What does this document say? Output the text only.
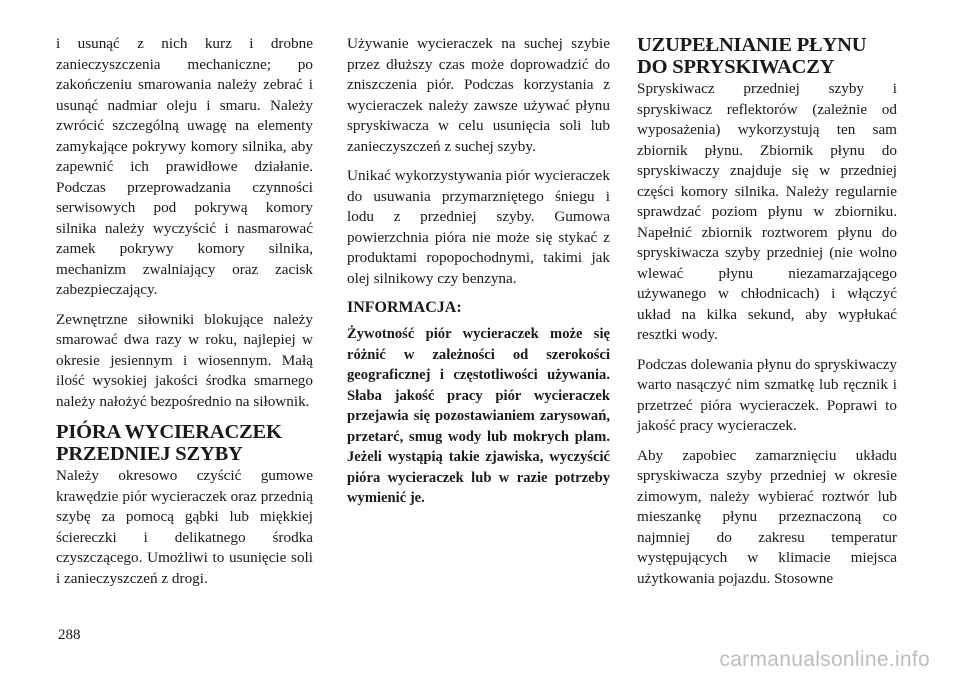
i usunąć z nich kurz i drobne zanieczyszczenia mechaniczne; po zakończeniu smarowania należy zebrać i usunąć nadmiar oleju i smaru. Należy zwrócić szczególną uwagę na elementy zamykające pokrywy komory silnika, aby zapewnić ich prawidłowe działanie. Podczas przeprowadzania czynności serwisowych pod pokrywą komory silnika należy wyczyścić i nasmarować zamek pokrywy komory silnika, mechanizm zwalniający oraz zacisk zabezpieczający.

Zewnętrzne siłowniki blokujące należy smarować dwa razy w roku, najlepiej w okresie jesiennym i wiosennym. Małą ilość wysokiej jakości środka smarnego należy nałożyć bezpośrednio na siłownik.

PIÓRA WYCIERACZEK
PRZEDNIEJ SZYBY

Należy okresowo czyścić gumowe krawędzie piór wycieraczek oraz przednią szybę za pomocą gąbki lub miękkiej ściereczki i delikatnego środka czyszczącego. Umożliwi to usunięcie soli i zanieczyszczeń z drogi.

Używanie wycieraczek na suchej szybie przez dłuższy czas może doprowadzić do zniszczenia piór. Podczas korzystania z wycieraczek należy zawsze używać płynu spryskiwacza w celu usunięcia soli lub zanieczyszczeń z suchej szyby.

Unikać wykorzystywania piór wycieraczek do usuwania przymarzniętego śniegu i lodu z przedniej szyby. Gumowa powierzchnia pióra nie może się stykać z produktami ropopochodnymi, takimi jak olej silnikowy czy benzyna.

INFORMACJA:

Żywotność piór wycieraczek może się różnić w zależności od szerokości geograficznej i częstotliwości używania. Słaba jakość pracy piór wycieraczek przejawia się pozostawianiem zarysowań, przetarć, smug wody lub mokrych plam. Jeżeli wystąpią takie zjawiska, wyczyścić pióra wycieraczek lub w razie potrzeby wymienić je.

UZUPEŁNIANIE PŁYNU
DO SPRYSKIWACZY

Spryskiwacz przedniej szyby i spryskiwacz reflektorów (zależnie od wyposażenia) wykorzystują ten sam zbiornik płynu. Zbiornik płynu do spryskiwaczy znajduje się w przedniej części komory silnika. Należy regularnie sprawdzać poziom płynu w zbiorniku. Napełnić zbiornik roztworem płynu do spryskiwacza szyby przedniej (nie wolno wlewać płynu niezamarzającego używanego w chłodnicach) i włączyć układ na kilka sekund, aby wypłukać resztki wody.

Podczas dolewania płynu do spryskiwaczy warto nasączyć nim szmatkę lub ręcznik i przetrzeć pióra wycieraczek. Poprawi to jakość pracy wycieraczek.

Aby zapobiec zamarznięciu układu spryskiwacza szyby przedniej w okresie zimowym, należy wybierać roztwór lub mieszankę płynu przeznaczoną co najmniej do zakresu temperatur występujących w klimacie miejsca użytkowania pojazdu. Stosowne

288
carmanualsonline.info
